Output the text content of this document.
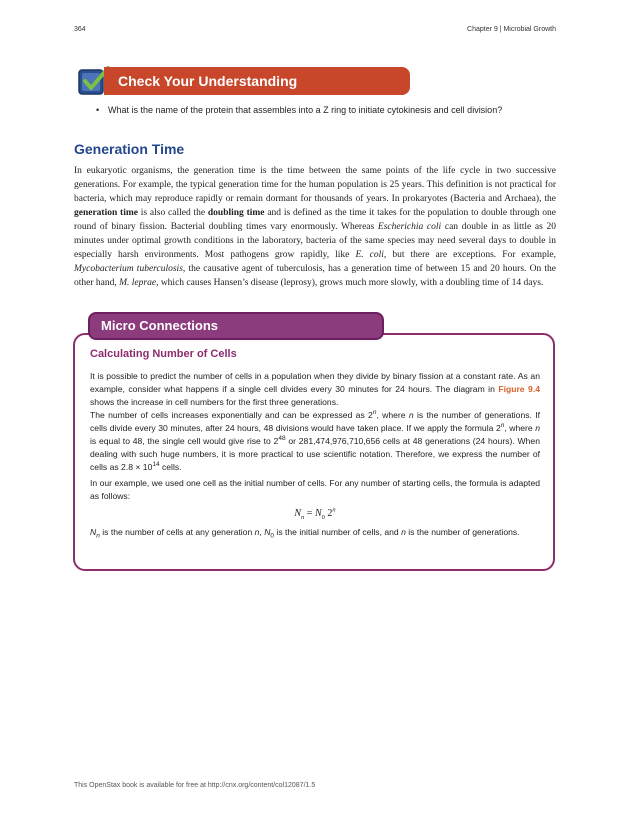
364	Chapter 9 | Microbial Growth
Check Your Understanding
• What is the name of the protein that assembles into a Z ring to initiate cytokinesis and cell division?
Generation Time

In eukaryotic organisms, the generation time is the time between the same points of the life cycle in two successive generations. For example, the typical generation time for the human population is 25 years. This definition is not practical for bacteria, which may reproduce rapidly or remain dormant for thousands of years. In prokaryotes (Bacteria and Archaea), the generation time is also called the doubling time and is defined as the time it takes for the population to double through one round of binary fission. Bacterial doubling times vary enormously. Whereas Escherichia coli can double in as little as 20 minutes under optimal growth conditions in the laboratory, bacteria of the same species may need several days to double in especially harsh environments. Most pathogens grow rapidly, like E. coli, but there are exceptions. For example, Mycobacterium tuberculosis, the causative agent of tuberculosis, has a generation time of between 15 and 20 hours. On the other hand, M. leprae, which causes Hansen’s disease (leprosy), grows much more slowly, with a doubling time of 14 days.

Micro Connections
Calculating Number of Cells

It is possible to predict the number of cells in a population when they divide by binary fission at a constant rate. As an example, consider what happens if a single cell divides every 30 minutes for 24 hours. The diagram in Figure 9.4 shows the increase in cell numbers for the first three generations.

The number of cells increases exponentially and can be expressed as 2$^n$, where n is the number of generations. If cells divide every 30 minutes, after 24 hours, 48 divisions would have taken place. If we apply the formula 2$^n$, where n is equal to 48, the single cell would give rise to $2^{48}$ or 281,474,976,710,656 cells at 48 generations (24 hours). When dealing with such huge numbers, it is more practical to use scientific notation. Therefore, we express the number of cells as $2.8 \times 10^{14}$ cells.

In our example, we used one cell as the initial number of cells. For any number of starting cells, the formula is adapted as follows:

$N_n = N_0$ 2$^n$

$N_n$ is the number of cells at any generation n, $N_0$ is the initial number of cells, and n is the number of generations.

This OpenStax book is available for free at http://cnx.org/content/col12087/1.5
